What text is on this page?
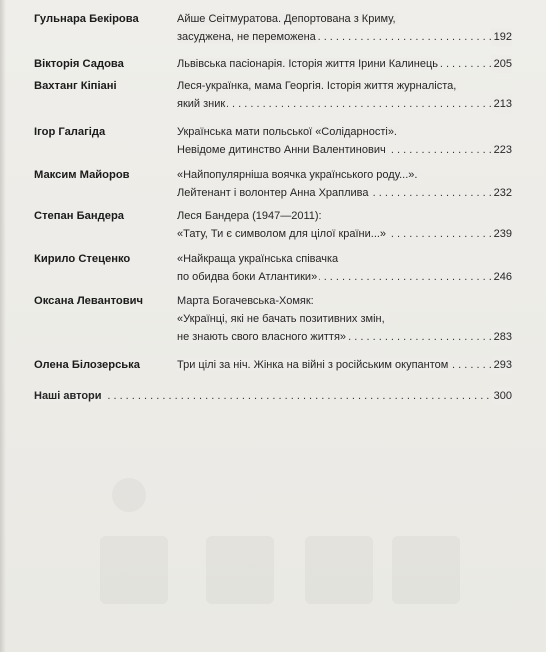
Гульнара Бекірова	Айше Сеітмуратова. Депортована з Криму,
засуджена, не переможена	192
. . .
Вікторія Садова	Львівська пасіонарія. Історія життя Ірини Калинець	205
. . .
Вахтанг Кіпіані	Леся-українка, мама Георгія. Історія життя журналіста,
який зник	213
. . .
Ігор Галагіда	Українська мати польської «Солідарності».
Невідоме дитинство Анни Валентинович	223
. . .
Максим Майоров	«Найпопулярніша воячка українського роду...».
Лейтенант і волонтер Анна Храплива	232
. . .
Степан Бандера	Леся Бандера (1947—2011):
«Тату, Ти є символом для цілої країни...»	239
. . .
Кирило Стеценко	«Найкраща українська співачка
по обидва боки Атлантики»	246
. . .
Оксана Левантович	Марта Богачевська-Хомяк:
«Українці, які не бачать позитивних змін,
не знають свого власного життя»	283
. . .
Олена Білозерська	Три цілі за ніч. Жінка на війні з російським окупантом	293
. . .
Наші автори	300
. . .
